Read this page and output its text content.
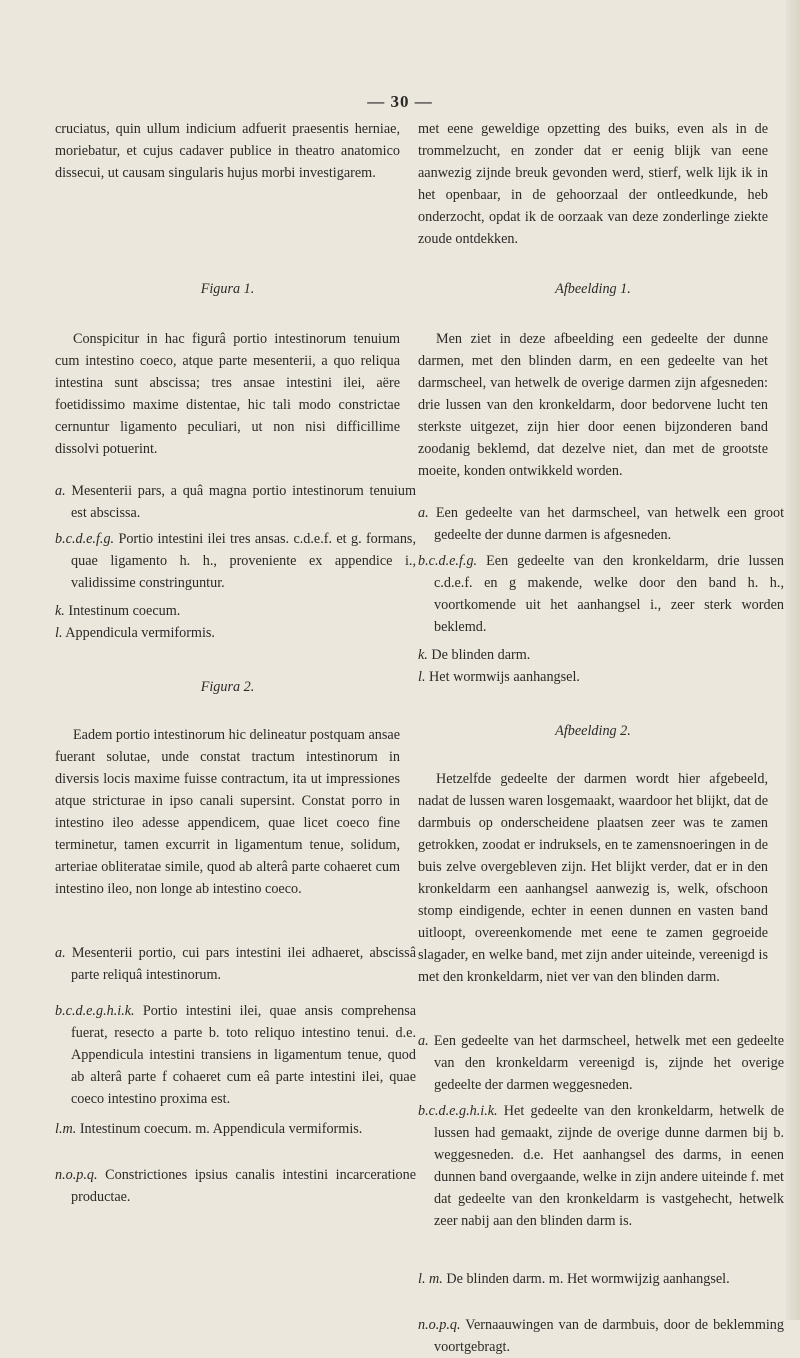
— 30 —

cruciatus, quin ullum indicium adfuerit praesentis herniae, moriebatur, et cujus cadaver publice in theatro anatomico dissecui, ut causam singularis hujus morbi investigarem.

Figura 1.

Conspicitur in hac figurâ portio intestinorum tenuium cum intestino coeco, atque parte mesenterii, a quo reliqua intestina sunt abscissa; tres ansae intestini ilei, aëre foetidissimo maxime distentae, hic tali modo constrictae cernuntur ligamento peculiari, ut non nisi difficillime dissolvi potuerint.

a. Mesenterii pars, a quâ magna portio intestinorum tenuium est abscissa.
b.c.d.e.f.g. Portio intestini ilei tres ansas. c.d.e.f. et g. formans, quae ligamento h. h., proveniente ex appendice i., validissime constringuntur.
k. Intestinum coecum.
l. Appendicula vermiformis.

Figura 2.

Eadem portio intestinorum hic delineatur postquam ansae fuerant solutae, unde constat tractum intestinorum in diversis locis maxime fuisse contractum, ita ut impressiones atque stricturae in ipso canali supersint. Constat porro in intestino ileo adesse appendicem, quae licet coeco fine terminetur, tamen excurrit in ligamentum tenue, solidum, arteriae obliteratae simile, quod ab alterâ parte cohaeret cum intestino ileo, non longe ab intestino coeco.

a. Mesenterii portio, cui pars intestini ilei adhaeret, abscissâ parte reliquâ intestinorum.
b.c.d.e.g.h.i.k. Portio intestini ilei, quae ansis comprehensa fuerat, resecto a parte b. toto reliquo intestino tenui. d.e. Appendicula intestini transiens in ligamentum tenue, quod ab alterâ parte f cohaeret cum eâ parte intestini ilei, quae coeco intestino proxima est.
l.m. Intestinum coecum. m. Appendicula vermiformis.
n.o.p.q. Constrictiones ipsius canalis intestini incarceratione productae.

met eene geweldige opzetting des buiks, even als in de trommelzucht, en zonder dat er eenig blijk van eene aanwezig zijnde breuk gevonden werd, stierf, welk lijk ik in het openbaar, in de gehoorzaal der ontleedkunde, heb onderzocht, opdat ik de oorzaak van deze zonderlinge ziekte zoude ontdekken.

Afbeelding 1.

Men ziet in deze afbeelding een gedeelte der dunne darmen, met den blinden darm, en een gedeelte van het darmscheel, van hetwelk de overige darmen zijn afgesneden: drie lussen van den kronkeldarm, door bedorvene lucht ten sterkste uitgezet, zijn hier door eenen bijzonderen band zoodanig beklemd, dat dezelve niet, dan met de grootste moeite, konden ontwikkeld worden.

a. Een gedeelte van het darmscheel, van hetwelk een groot gedeelte der dunne darmen is afgesneden.
b.c.d.e.f.g. Een gedeelte van den kronkeldarm, drie lussen c.d.e.f. en g makende, welke door den band h. h., voortkomende uit het aanhangsel i., zeer sterk worden beklemd.
k. De blinden darm.
l. Het wormwijs aanhangsel.

Afbeelding 2.

Hetzelfde gedeelte der darmen wordt hier afgebeeld, nadat de lussen waren losgemaakt, waardoor het blijkt, dat de darmbuis op onderscheidene plaatsen zeer was te zamen getrokken, zoodat er indruksels, en te zamensnoeringen in de buis zelve overgebleven zijn. Het blijkt verder, dat er in den kronkeldarm een aanhangsel aanwezig is, welk, ofschoon stomp eindigende, echter in eenen dunnen en vasten band uitloopt, overeenkomende met eene te zamen gegroeide slagader, en welke band, met zijn ander uiteinde, vereenigd is met den kronkeldarm, niet ver van den blinden darm.

a. Een gedeelte van het darmscheel, hetwelk met een gedeelte van den kronkeldarm vereenigd is, zijnde het overige gedeelte der darmen weggesneden.
b.c.d.e.g.h.i.k. Het gedeelte van den kronkeldarm, hetwelk de lussen had gemaakt, zijnde de overige dunne darmen bij b. weggesneden. d.e. Het aanhangsel des darms, in eenen dunnen band overgaande, welke in zijn andere uiteinde f. met dat gedeelte van den kronkeldarm is vastgehecht, hetwelk zeer nabij aan den blinden darm is.
l. m. De blinden darm. m. Het wormwijzig aanhangsel.
n.o.p.q. Vernaauwingen van de darmbuis, door de beklemming voortgebragt.
